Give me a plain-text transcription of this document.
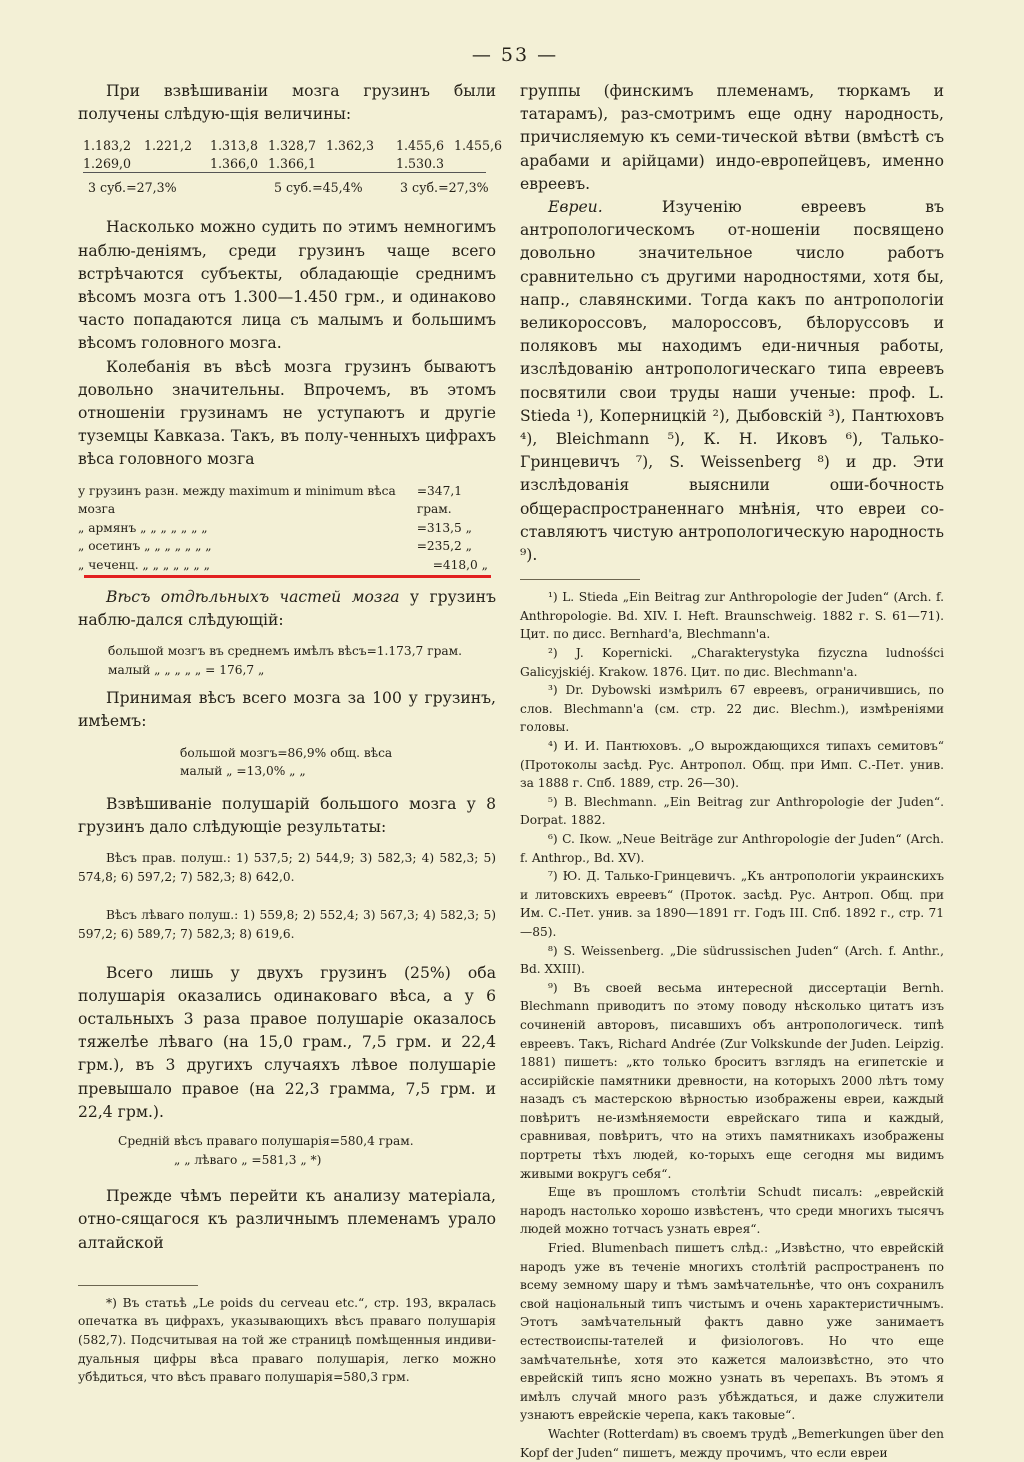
— 53 —

При взвѣшиваніи мозга грузинъ были получены слѣдую-щія величины:

1.183,2 1.221,2 1.313,8 1.328,7 1.362,3 1.455,6 1.455,6
1.269,0	1.366,0 1.366,1	1.530.3
3 суб.=27,3%	5 суб.=45,4%	3 суб.=27,3%

Насколько можно судить по этимъ немногимъ наблю-деніямъ, среди грузинъ чаще всего встрѣчаются субъекты, обладающіе среднимъ вѣсомъ мозга отъ 1.300—1.450 грм., и одинаково часто попадаются лица съ малымъ и большимъ вѣсомъ головного мозга.

Колебанія въ вѣсѣ мозга грузинъ бываютъ довольно значительны. Впрочемъ, въ этомъ отношеніи грузинамъ не уступаютъ и другіе туземцы Кавказа. Такъ, въ полу-ченныхъ цифрахъ вѣса головного мозга

у грузинъ разн. между maximum и minimum вѣса мозга
=347,1 грам.
„ армянъ „ „ „ „ „ „ „	=313,5 „
„ осетинъ „ „ „ „ „ „ „	=235,2 „
„ чеченц. „ „ „ „ „ „ „	=418,0 „

Вѣсъ отдѣльныхъ частей мозга у грузинъ наблю-дался слѣдующій:

большой мозгъ въ среднемъ имѣлъ вѣсъ=1.173,7 грам.
малый „ „ „ „ „ = 176,7 „

Принимая вѣсъ всего мозга за 100 у грузинъ, имѣемъ:

большой мозгъ=86,9% общ. вѣса
малый „ =13,0% „ „

Взвѣшиваніе полушарій большого мозга у 8 грузинъ дало слѣдующіе результаты:

Вѣсъ прав. полуш.: 1) 537,5; 2) 544,9; 3) 582,3; 4) 582,3; 5) 574,8; 6) 597,2; 7) 582,3; 8) 642,0.

Вѣсъ лѣваго полуш.: 1) 559,8; 2) 552,4; 3) 567,3; 4) 582,3; 5) 597,2; 6) 589,7; 7) 582,3; 8) 619,6.

Всего лишь у двухъ грузинъ (25%) оба полушарія оказались одинаковаго вѣса, а у 6 остальныхъ 3 раза правое полушаріе оказалось тяжелѣе лѣваго (на 15,0 грам., 7,5 грм. и 22,4 грм.), въ 3 другихъ случаяхъ лѣвое полушаріе превышало правое (на 22,3 грамма, 7,5 грм. и 22,4 грм.).

Средній вѣсъ праваго полушарія=580,4 грам.
„ „ лѣваго „ =581,3 „ *)

Прежде чѣмъ перейти къ анализу матеріала, отно-сящагося къ различнымъ племенамъ урало алтайской

*) Въ статьѣ „Le poids du cerveau etc.“, стр. 193, вкралась опечатка въ цифрахъ, указывающихъ вѣсъ праваго полушарія (582,7). Подсчитывая на той же страницѣ помѣщенныя индиви-дуальныя цифры вѣса праваго полушарія, легко можно убѣдиться, что вѣсъ праваго полушарія=580,3 грм.

группы (финскимъ племенамъ, тюркамъ и татарамъ), раз-смотримъ еще одну народность, причисляемую къ семи-тической вѣтви (вмѣстѣ съ арабами и арійцами) индо-европейцевъ, именно евреевъ.

Евреи. Изученію евреевъ въ антропологическомъ от-ношеніи посвящено довольно значительное число работъ сравнительно съ другими народностями, хотя бы, напр., славянскими. Тогда какъ по антропологіи великороссовъ, малороссовъ, бѣлоруссовъ и поляковъ мы находимъ еди-ничныя работы, изслѣдованію антропологическаго типа евреевъ посвятили свои труды наши ученые: проф. L. Stieda ¹), Коперницкій ²), Дыбовскій ³), Пантюховъ ⁴), Bleichmann ⁵), К. Н. Иковъ ⁶), Талько-Гринцевичъ ⁷), S. Weissenberg ⁸) и др. Эти изслѣдованія выяснили оши-бочность общераспространеннаго мнѣнія, что евреи со-ставляютъ чистую антропологическую народность ⁹).

¹) L. Stieda „Ein Beitrag zur Anthropologie der Juden“ (Arch. f. Anthropologie. Bd. XIV. I. Heft. Braunschweig. 1882 г. S. 61—71). Цит. по дисс. Bernhard'a, Blechmann'a.

²) J. Kopernicki. „Charakterystyka fizyczna ludnośści Galicyjskiéj. Krakow. 1876. Цит. по дис. Blechmann'a.

³) Dr. Dybowski измѣрилъ 67 евреевъ, ограничившись, по слов. Blechmann'a (см. стр. 22 дис. Blechm.), измѣреніями головы.

⁴) И. И. Пантюховъ. „О вырождающихся типахъ семитовъ“ (Протоколы засѣд. Рус. Антропол. Общ. при Имп. С.-Пет. унив. за 1888 г. Спб. 1889, стр. 26—30).

⁵) B. Blechmann. „Ein Beitrag zur Anthropologie der Juden“. Dorpat. 1882.

⁶) C. Ikow. „Neue Beiträge zur Anthropologie der Juden“ (Arch. f. Anthrop., Bd. XV).

⁷) Ю. Д. Талько-Гринцевичъ. „Къ антропологіи украинскихъ и литовскихъ евреевъ“ (Проток. засѣд. Рус. Антроп. Общ. при Им. С.-Пет. унив. за 1890—1891 гг. Годъ III. Спб. 1892 г., стр. 71—85).

⁸) S. Weissenberg. „Die südrussischen Juden“ (Arch. f. Anthr., Bd. XXIII).

⁹) Въ своей весьма интересной диссертаціи Bernh. Blechmann приводитъ по этому поводу нѣсколько цитатъ изъ сочиненій авторовъ, писавшихъ объ антропологическ. типѣ евреевъ. Такъ, Richard Andrée (Zur Volkskunde der Juden. Leipzig. 1881) пишетъ: „кто только броситъ взглядъ на египетскіе и ассирійскіе памятники древности, на которыхъ 2000 лѣтъ тому назадъ съ мастерскою вѣрностью изображены евреи, каждый повѣритъ не-измѣняемости еврейскаго типа и каждый, сравнивая, повѣритъ, что на этихъ памятникахъ изображены портреты тѣхъ людей, ко-торыхъ еще сегодня мы видимъ живыми вокругъ себя“.

Еще въ прошломъ столѣтіи Schudt писалъ: „еврейскій народъ настолько хорошо извѣстенъ, что среди многихъ тысячъ людей можно тотчасъ узнать еврея“.

Fried. Blumenbach пишетъ слѣд.: „Извѣстно, что еврейскій народъ уже въ теченіе многихъ столѣтій распространенъ по всему земному шару и тѣмъ замѣчательнѣе, что онъ сохранилъ свой національный типъ чистымъ и очень характеристичнымъ. Этотъ замѣчательный фактъ давно уже занимаетъ естествоиспы-тателей и физіологовъ. Но что еще замѣчательнѣе, хотя это кажется малоизвѣстно, это что еврейскій типъ ясно можно узнать въ черепахъ. Въ этомъ я имѣлъ случай много разъ убѣждаться, и даже служители узнаютъ еврейскіе черепа, какъ таковые“.

Wachter (Rotterdam) въ своемъ трудѣ „Bemerkungen über den Kopf der Juden“ пишетъ, между прочимъ, что если евреи
